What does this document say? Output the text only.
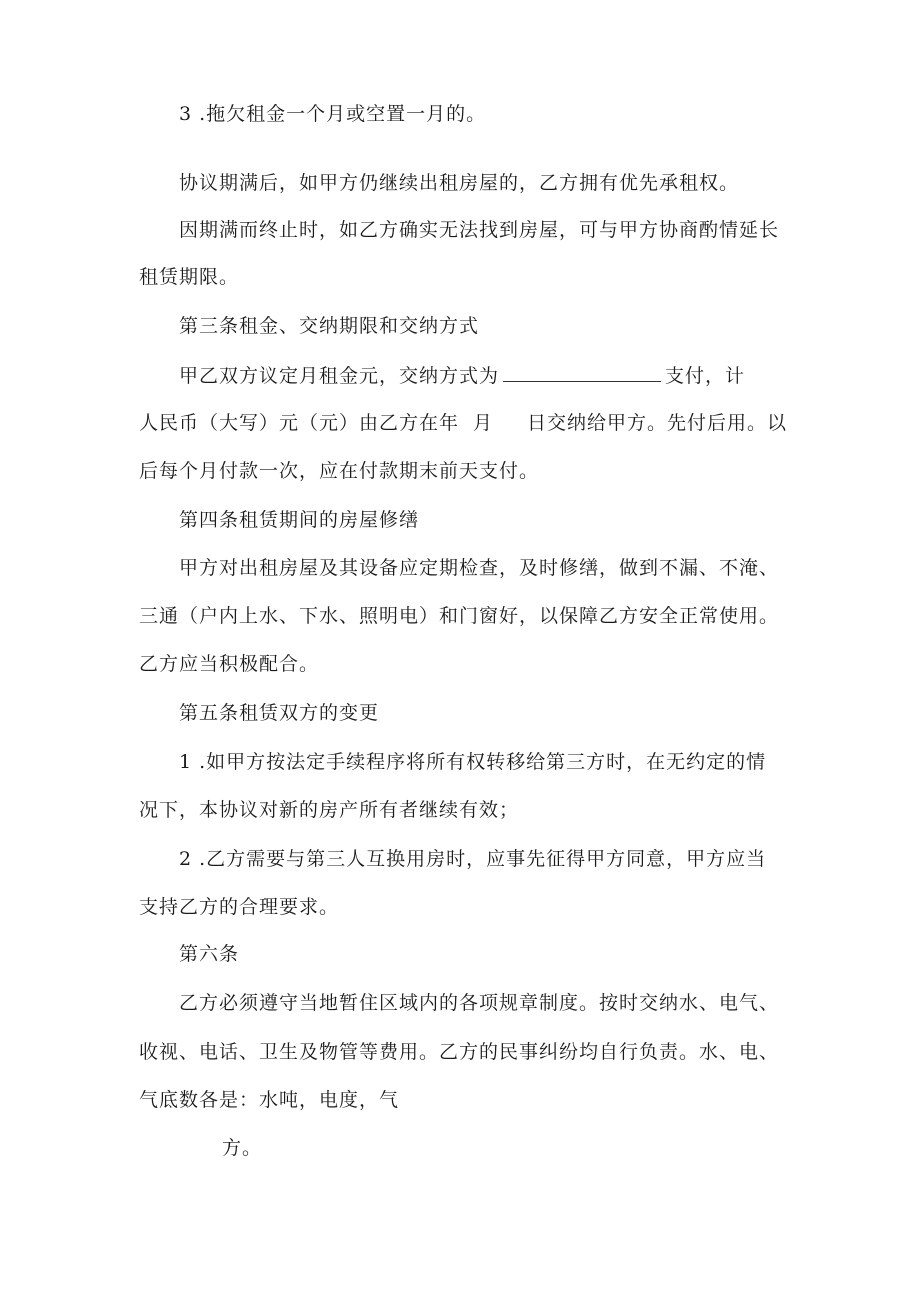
3 .拖欠租金一个月或空置一月的。
协议期满后，如甲方仍继续出租房屋的，乙方拥有优先承租权。
因期满而终止时，如乙方确实无法找到房屋，可与甲方协商酌情延长
租赁期限。
第三条租金、交纳期限和交纳方式
甲乙双方议定月租金元，交纳方式为	支付，计
人民币（大写）元（元）由乙方在年 月 日交纳给甲方。先付后用。以
后每个月付款一次，应在付款期末前天支付。
第四条租赁期间的房屋修缮
甲方对出租房屋及其设备应定期检查，及时修缮，做到不漏、不淹、
三通（户内上水、下水、照明电）和门窗好，以保障乙方安全正常使用。
乙方应当积极配合。
第五条租赁双方的变更
1 .如甲方按法定手续程序将所有权转移给第三方时，在无约定的情
况下，本协议对新的房产所有者继续有效；
2 .乙方需要与第三人互换用房时，应事先征得甲方同意，甲方应当
支持乙方的合理要求。
第六条
乙方必须遵守当地暂住区域内的各项规章制度。按时交纳水、电气、
收视、电话、卫生及物管等费用。乙方的民事纠纷均自行负责。水、电、
气底数各是：水吨，电度，气
方。
